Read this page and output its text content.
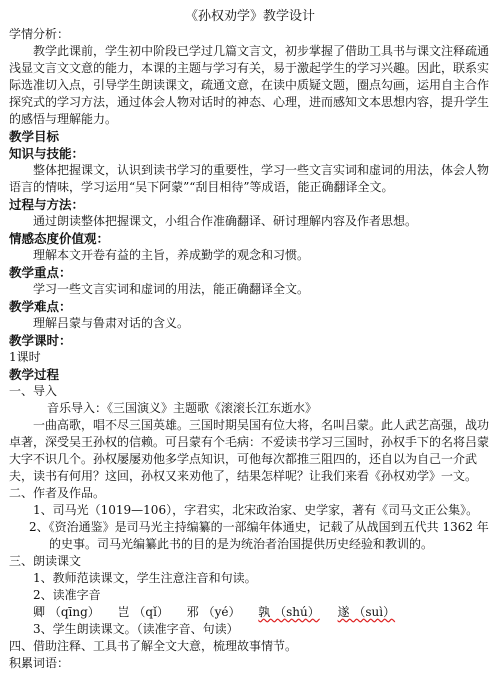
《孙权劝学》教学设计

学情分析：

教学此课前，学生初中阶段已学过几篇文言文，初步掌握了借助工具书与课文注释疏通浅显文言文文意的能力，本课的主题与学习有关，易于激起学生的学习兴趣。因此，联系实际选准切入点，引导学生朗读课文，疏通文意，在读中质疑文题，圈点勾画，运用自主合作探究式的学习方法，通过体会人物对话时的神态、心理，进而感知文本思想内容，提升学生的感悟与理解能力。

教学目标

知识与技能：

整体把握课文，认识到读书学习的重要性，学习一些文言实词和虚词的用法，体会人物语言的情味，学习运用“吴下阿蒙”“刮目相待”等成语，能正确翻译全文。

过程与方法：

通过朗读整体把握课文，小组合作准确翻译、研讨理解内容及作者思想。

情感态度价值观：

理解本文开卷有益的主旨，养成勤学的观念和习惯。

教学重点：

学习一些文言实词和虚词的用法，能正确翻译全文。

教学难点：

理解吕蒙与鲁肃对话的含义。

教学课时：

1课时

教学过程

一、导入

音乐导入：《三国演义》主题歌《滚滚长江东逝水》

一曲高歌，唱不尽三国英雄。三国时期吴国有位大将，名叫吕蒙。此人武艺高强，战功卓著，深受吴王孙权的信赖。可吕蒙有个毛病：不爱读书学习三国时，孙权手下的名将吕蒙大字不识几个。孙权屡屡劝他多学点知识，可他每次都推三阻四的，还自以为自己一介武夫，读书有何用？这回，孙权又来劝他了，结果怎样呢？让我们来看《孙权劝学》一文。

二、作者及作品。

1、司马光（1019—106），字君实，北宋政治家、史学家，著有《司马文正公集》。

2、《资治通鉴》是司马光主持编纂的一部编年体通史，记载了从战国到五代共 1362 年的史事。司马光编纂此书的目的是为统治者治国提供历史经验和教训的。

三、朗读课文

1、教师范读课文，学生注意注音和句读。

2、读准字音

卿 （qīng） 岂 （qǐ） 邪 （yé） 孰 （shú） 遂 （suì）

3、学生朗读课文。（读准字音、句读）

四、借助注释、工具书了解全文大意，梳理故事情节。

积累词语：
